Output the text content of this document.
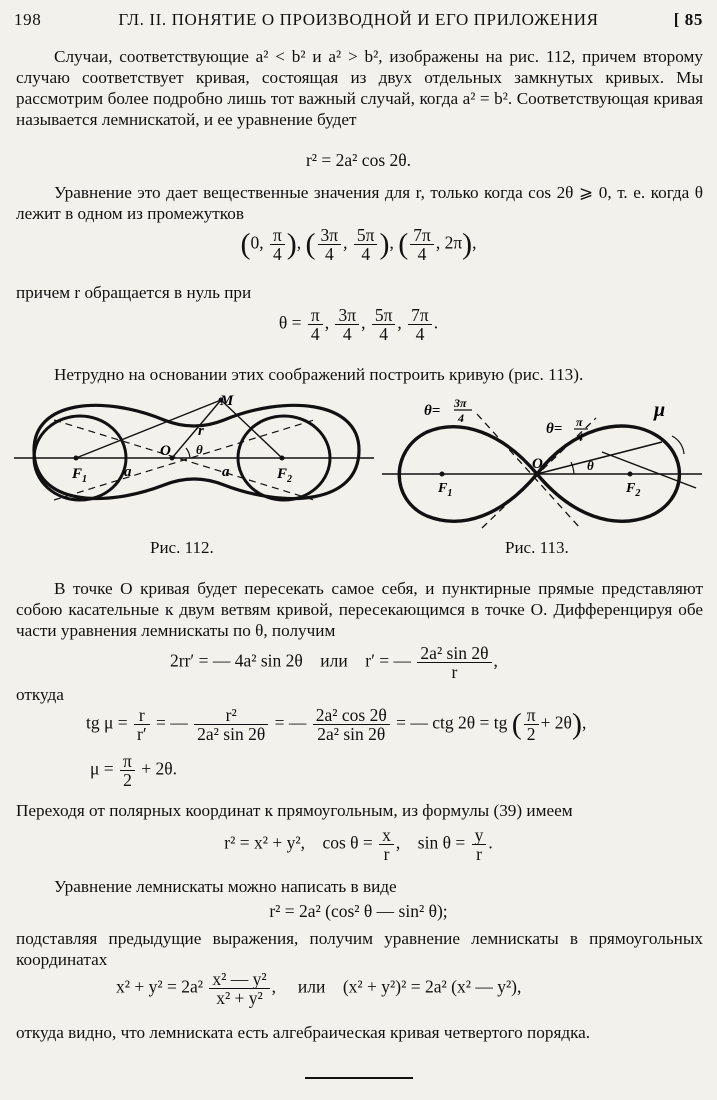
198	ГЛ. II. ПОНЯТИЕ О ПРОИЗВОДНОЙ И ЕГО ПРИЛОЖЕНИЯ	[ 85
Случаи, соответствующие a² < b² и a² > b², изображены на рис. 112, причем второму случаю соответствует кривая, состоящая из двух отдельных замкнутых кривых. Мы рассмотрим более подробно лишь тот важный случай, когда a² = b². Соответствующая кривая называется лемнискатой, и ее уравнение будет
r² = 2a² cos 2θ.
Уравнение это дает вещественные значения для r, только когда cos 2θ ⩾ 0, т. е. когда θ лежит в одном из промежутков
(0, $\frac{\pi}{4}$ ), ( $\frac{3\pi}{4}$ , $\frac{5\pi}{4}$ ), ( $\frac{7\pi}{4}$ , 2π),
причем r обращается в нуль при
$\theta = \frac{\pi}{4}$ , $\frac{3\pi}{4}$ , $\frac{5\pi}{4}$ , $\frac{7\pi}{4}$ .
Нетрудно на основании этих соображений построить кривую (рис. 113).
M
O
$F_1$	$F_2$
a	a
r
θ
Рис. 112.
θ= 3π
4
θ= π
4
μ
O	θ
$F_1$	$F_2$
Рис. 113.
В точке O кривая будет пересекать самое себя, и пунктирные прямые представляют собою касательные к двум ветвям кривой, пересекающимся в точке O. Дифференцируя обе части уравнения лемнискаты по θ, получим
2rr′ = — 4a² sin 2θ или r′ = — $\frac{\text{2a² sin 2θ}}{r}$ ,
откуда
tg $\mu = \frac{r}{r'}$ = — $\frac{\text{r²}}{\text{2a² sin 2θ}}$ = — $\frac{\text{2a² cos 2θ}}{\text{2a² sin 2θ}}$ = — ctg 2θ = tg ( $\frac{\pi}{2} + 2\theta$),
$\mu = \frac{\pi}{2} + 2\theta$.
Переходя от полярных координат к прямоугольным, из формулы (39) имеем
r² = x² + y², $\cos \theta = \frac{x}{r}$ ,    $\sin \theta = \frac{y}{r}$ .
Уравнение лемнискаты можно написать в виде
r² = 2a² (cos² θ — sin² θ);
подставляя предыдущие выражения, получим уравнение лемнискаты в прямоугольных координатах
$x^2 + y^2 = 2a^2 \frac{\text{x² — y²}}{\text{x² + y²}}$ ,     или (x² + y²)² = 2a² (x² — y²),
откуда видно, что лемниската есть алгебраическая кривая четвертого порядка.
